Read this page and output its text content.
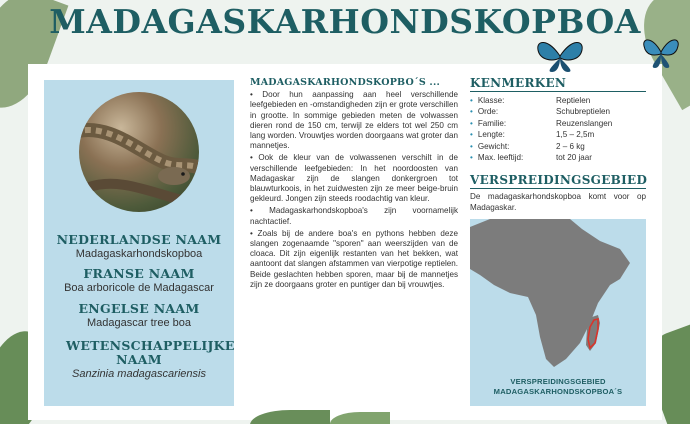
MADAGASKARHONDSKOPBOA
NEDERLANDSE NAAM
Madagaskarhondskopboa
FRANSE NAAM
Boa arboricole de Madagascar
ENGELSE NAAM
Madagascar tree boa
WETENSCHAPPELIJKE NAAM
Sanzinia madagascariensis
MADAGASKARHONDSKOPBO´S ...

• Door hun aanpassing aan heel verschillende leefgebieden en -omstandigheden zijn er grote verschillen in grootte. In sommige gebieden meten de volwassen dieren rond de 150 cm, terwijl ze elders tot wel 250 cm lang worden. Vrouwtjes worden doorgaans wat groter dan mannetjes.

• Ook de kleur van de volwassenen verschilt in de verschillende leefgebieden: In het noordoosten van Madagaskar zijn de slangen donkergroen tot blauwturkoois, in het zuidwesten zijn ze meer beige-bruin gekleurd. Jongen zijn steeds roodachtig van kleur.

• Madagaskarhondskopboa's zijn voornamelijk nachtactief.

• Zoals bij de andere boa's en pythons hebben deze slangen zogenaamde "sporen" aan weerszijden van de cloaca. Dit zijn eigenlijk restanten van het bekken, wat aantoont dat slangen afstammen van vierpotige reptielen. Beide geslachten hebben sporen, maar bij de mannetjes zijn ze doorgaans groter en puntiger dan bij vrouwtjes.

KENMERKEN
• Klasse:	Reptielen
• Orde:	Schubreptielen
• Familie:	Reuzenslangen
• Lengte:	1,5 – 2,5m
• Gewicht:	2 – 6 kg
• Max. leeftijd:	tot 20 jaar
VERSPREIDINGSGEBIED
De madagaskarhondskopboa komt voor op Madagaskar.
VERSPREIDINGSGEBIED
MADAGASKARHONDSKOPBOA´S
